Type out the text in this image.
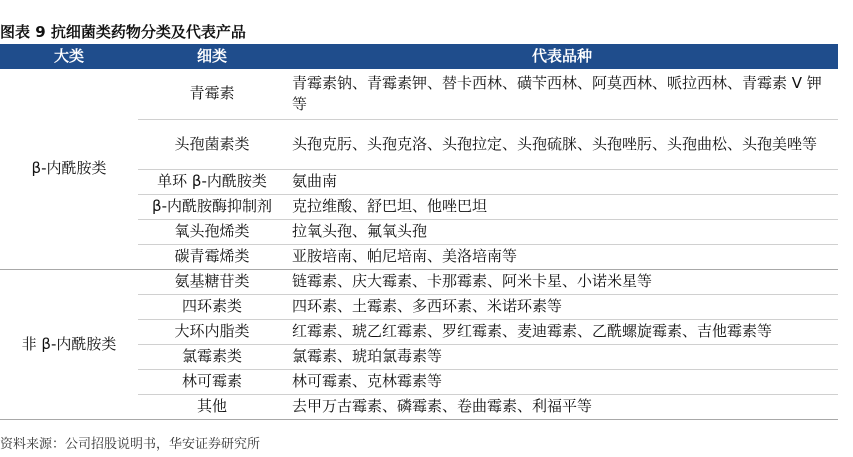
图表 9 抗细菌类药物分类及代表产品
大类	细类	代表品种
β-内酰胺类	青霉素	青霉素钠、青霉素钾、替卡西林、磺苄西林、阿莫西林、哌拉西林、青霉素 V 钾等
	头孢菌素类	头孢克肟、头孢克洛、头孢拉定、头孢硫脒、头孢唑肟、头孢曲松、头孢美唑等
	单环 β-内酰胺类	氨曲南
	β-内酰胺酶抑制剂	克拉维酸、舒巴坦、他唑巴坦
	氧头孢烯类	拉氧头孢、氟氧头孢
	碳青霉烯类	亚胺培南、帕尼培南、美洛培南等
非 β-内酰胺类	氨基糖苷类	链霉素、庆大霉素、卡那霉素、阿米卡星、小诺米星等
	四环素类	四环素、土霉素、多西环素、米诺环素等
	大环内脂类	红霉素、琥乙红霉素、罗红霉素、麦迪霉素、乙酰螺旋霉素、吉他霉素等
	氯霉素类	氯霉素、琥珀氯毒素等
	林可霉素	林可霉素、克林霉素等
	其他	去甲万古霉素、磷霉素、卷曲霉素、利福平等
资料来源：公司招股说明书，华安证券研究所
